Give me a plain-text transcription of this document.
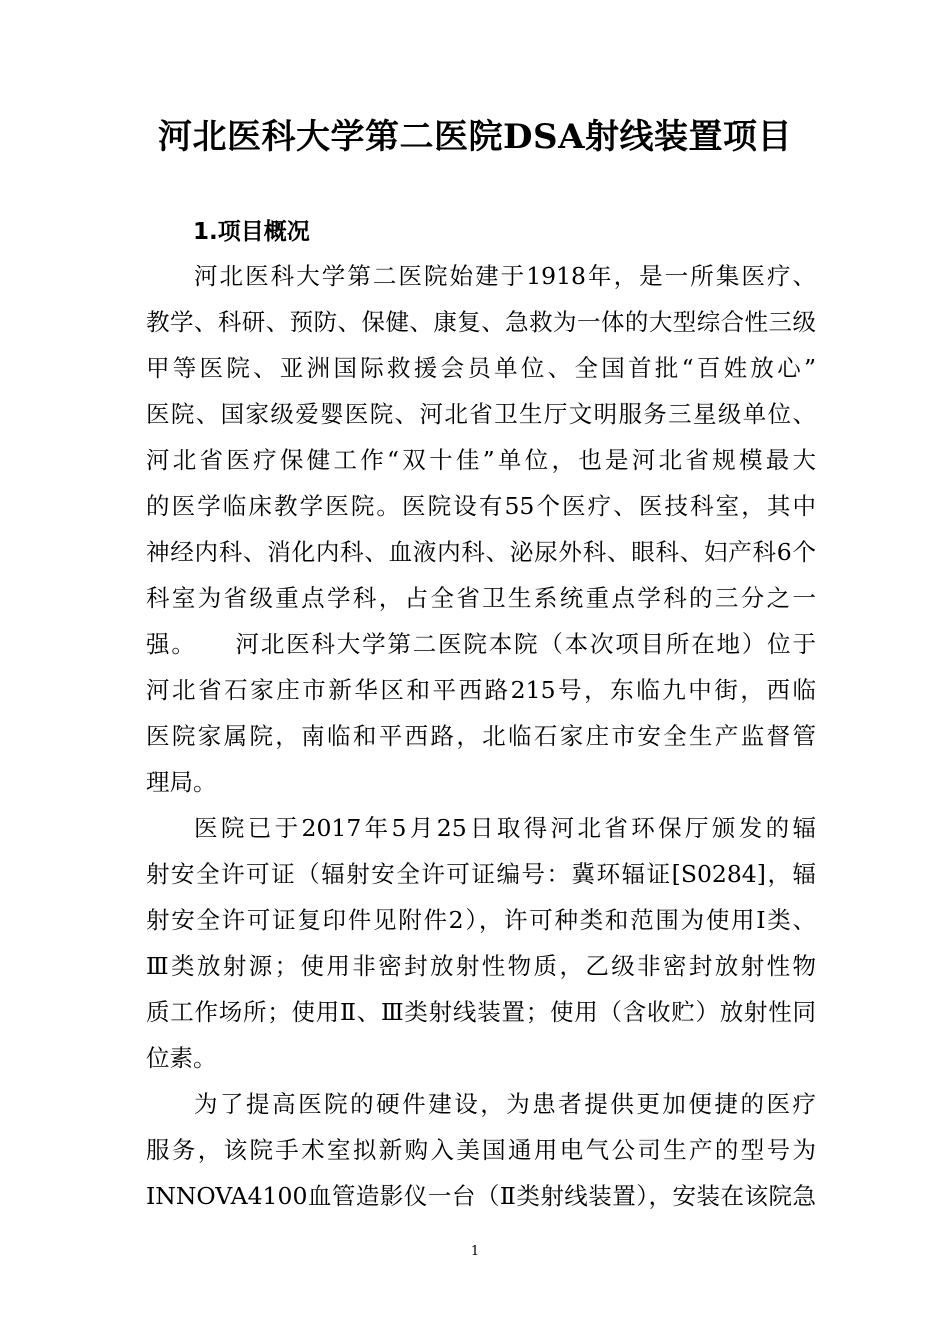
河北医科大学第二医院DSA射线装置项目
1.项目概况
河北医科大学第二医院始建于1918年，是一所集医疗、
教学、科研、预防、保健、康复、急救为一体的大型综合性三级
甲等医院、亚洲国际救援会员单位、全国首批“百姓放心”
医院、国家级爱婴医院、河北省卫生厅文明服务三星级单位、
河北省医疗保健工作“双十佳”单位，也是河北省规模最大
的医学临床教学医院。医院设有55个医疗、医技科室，其中
神经内科、消化内科、血液内科、泌尿外科、眼科、妇产科6个
科室为省级重点学科，占全省卫生系统重点学科的三分之一
强。　　河北医科大学第二医院本院（本次项目所在地）位于
河北省石家庄市新华区和平西路215号，东临九中街，西临
医院家属院，南临和平西路，北临石家庄市安全生产监督管
理局。
医院已于2017年5月25日取得河北省环保厅颁发的辐
射安全许可证（辐射安全许可证编号：冀环辐证[S0284]，辐
射安全许可证复印件见附件2），许可种类和范围为使用Ⅰ类、
Ⅲ类放射源；使用非密封放射性物质，乙级非密封放射性物
质工作场所；使用Ⅱ、Ⅲ类射线装置；使用（含收贮）放射性同
位素。
为了提高医院的硬件建设，为患者提供更加便捷的医疗
服务，该院手术室拟新购入美国通用电气公司生产的型号为
INNOVA4100血管造影仪一台（Ⅱ类射线装置），安装在该院急
1
